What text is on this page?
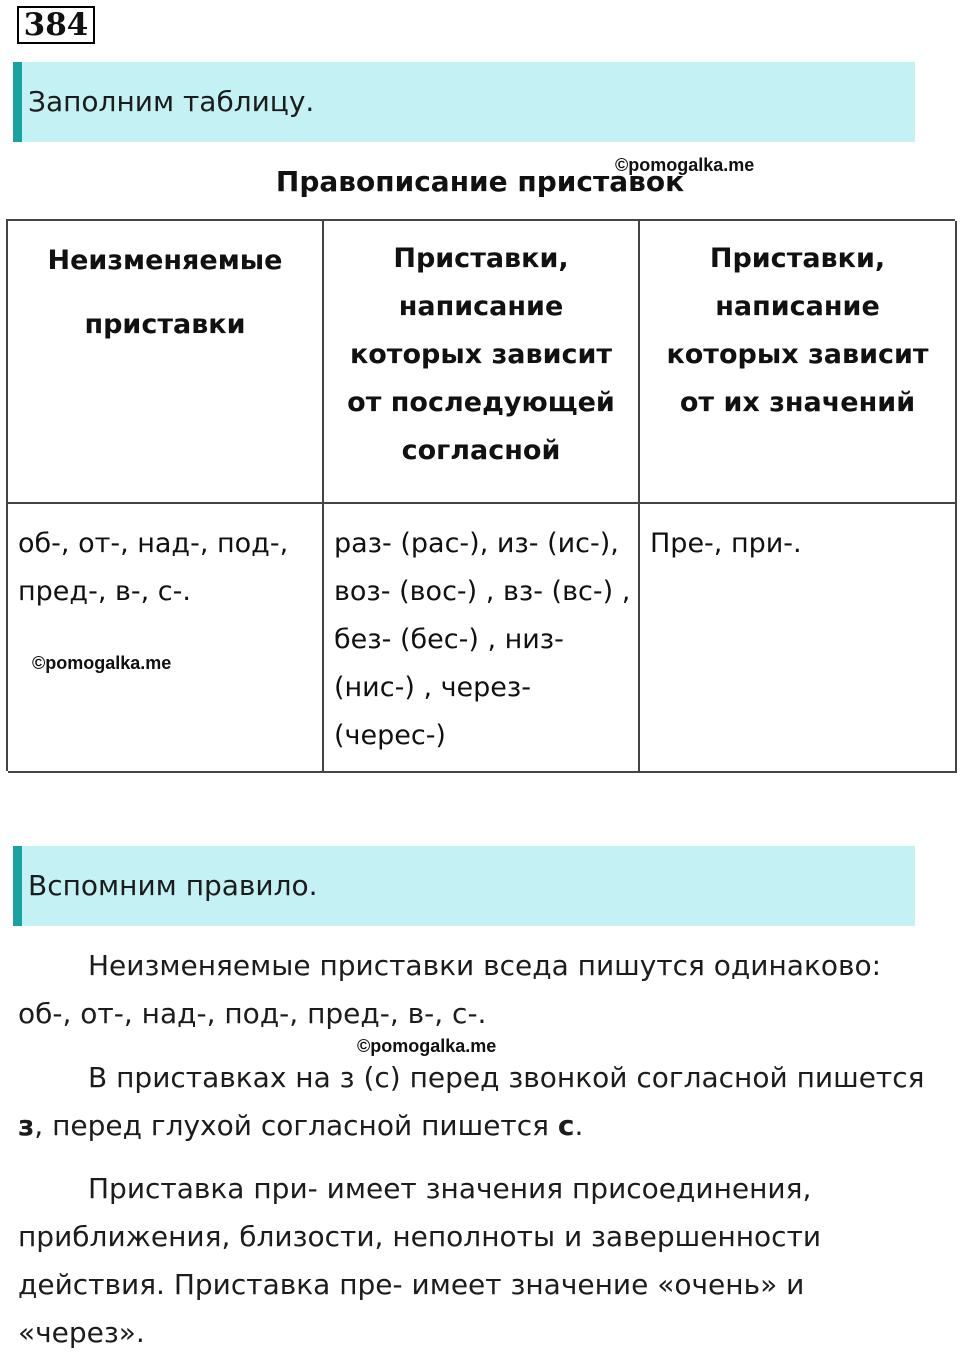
384
Заполним таблицу.
Правописание приставок
©pomogalka.me
Неизменяемые приставки
Приставки, написание которых зависит от последующей согласной
Приставки, написание которых зависит от их значений
об-, от-, над-, под-, пред-, в-, с-.
©pomogalka.me
раз- (рас-), из- (ис-), воз- (вос-) , вз- (вс-) , без- (бес-) , низ- (нис-) , через- (черес-)
Пре-, при-.
Вспомним правило.
Неизменяемые приставки вседа пишутся одинаково: об-, от-, над-, под-, пред-, в-, с-.
©pomogalka.me
В приставках на з (с) перед звонкой согласной пишется з, перед глухой согласной пишется с.
Приставка при- имеет значения присоединения, приближения, близости, неполноты и завершенности действия. Приставка пре- имеет значение «очень» и «через».
